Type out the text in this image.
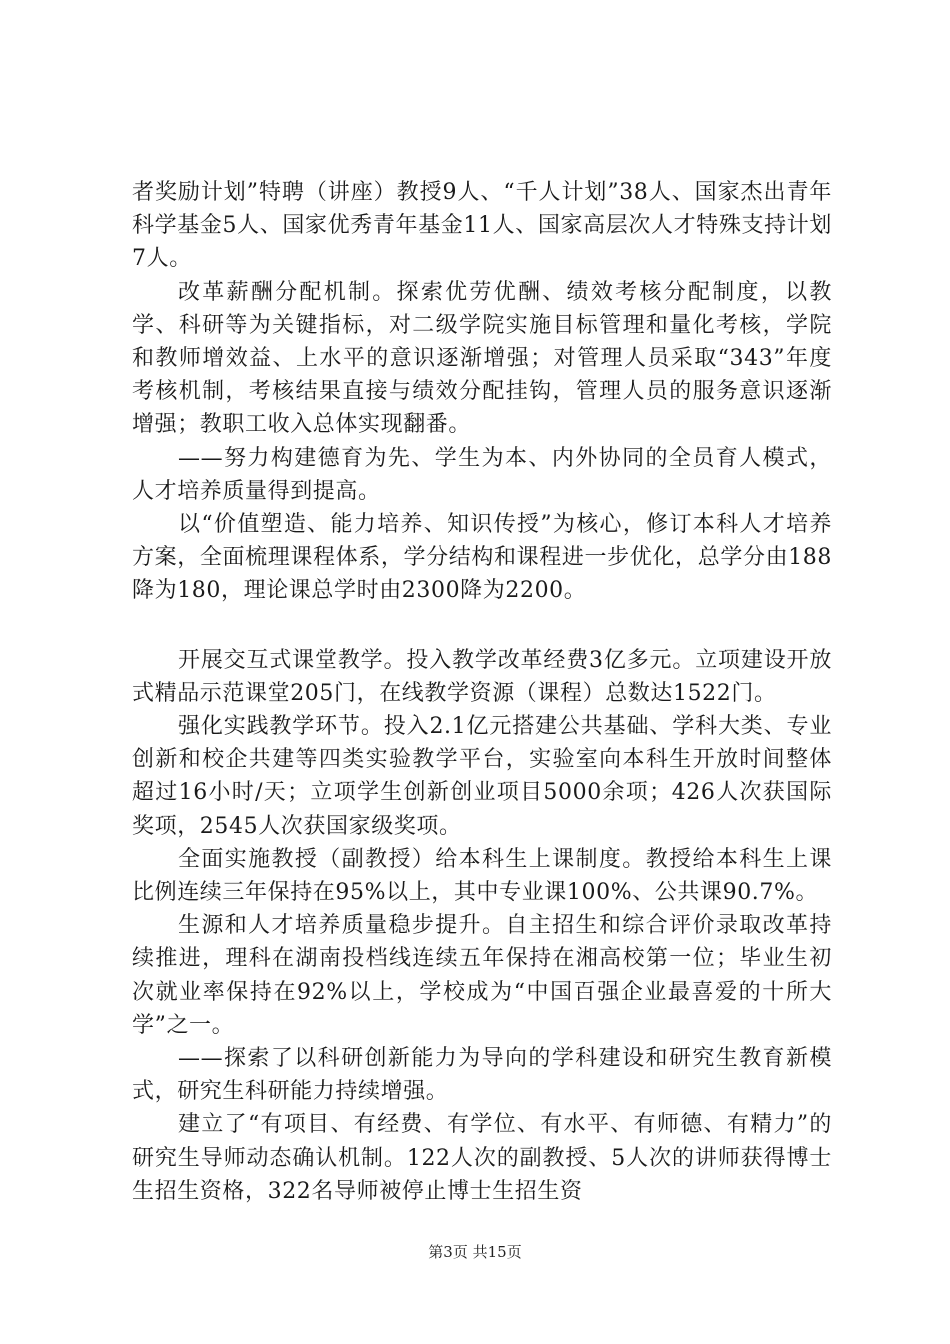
者奖励计划”特聘（讲座）教授9人、“千人计划”38人、国家杰出青年科学基金5人、国家优秀青年基金11人、国家高层次人才特殊支持计划7人。

改革薪酬分配机制。探索优劳优酬、绩效考核分配制度，以教学、科研等为关键指标，对二级学院实施目标管理和量化考核，学院和教师增效益、上水平的意识逐渐增强；对管理人员采取“343”年度考核机制，考核结果直接与绩效分配挂钩，管理人员的服务意识逐渐增强；教职工收入总体实现翻番。

——努力构建德育为先、学生为本、内外协同的全员育人模式，人才培养质量得到提高。

以“价值塑造、能力培养、知识传授”为核心，修订本科人才培养方案，全面梳理课程体系，学分结构和课程进一步优化，总学分由188降为180，理论课总学时由2300降为2200。

开展交互式课堂教学。投入教学改革经费3亿多元。立项建设开放式精品示范课堂205门，在线教学资源（课程）总数达1522门。

强化实践教学环节。投入2.1亿元搭建公共基础、学科大类、专业创新和校企共建等四类实验教学平台，实验室向本科生开放时间整体超过16小时/天；立项学生创新创业项目5000余项；426人次获国际奖项，2545人次获国家级奖项。

全面实施教授（副教授）给本科生上课制度。教授给本科生上课比例连续三年保持在95%以上，其中专业课100%、公共课90.7%。

生源和人才培养质量稳步提升。自主招生和综合评价录取改革持续推进，理科在湖南投档线连续五年保持在湘高校第一位；毕业生初次就业率保持在92%以上，学校成为“中国百强企业最喜爱的十所大学”之一。

——探索了以科研创新能力为导向的学科建设和研究生教育新模式，研究生科研能力持续增强。

建立了“有项目、有经费、有学位、有水平、有师德、有精力”的研究生导师动态确认机制。122人次的副教授、5人次的讲师获得博士生招生资格，322名导师被停止博士生招生资

第3页 共15页
